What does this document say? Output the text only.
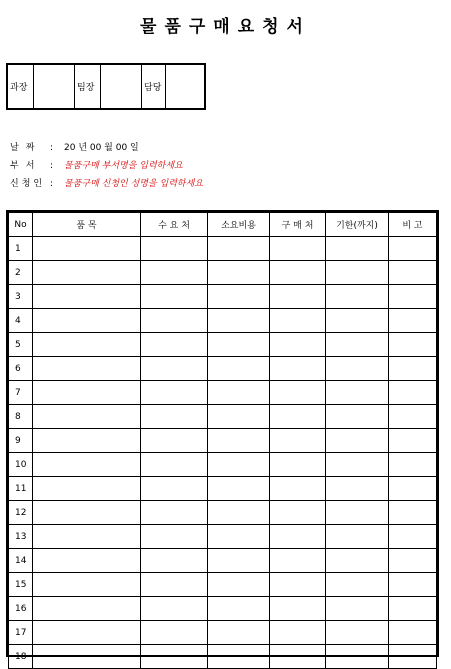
물품구매요청서
과장	팀장	담당
날짜 : 20 년 00 월 00 일
부서 : 물품구매 부서명을 입력하세요
신청인 : 물품구매 신청인 성명을 입력하세요
No	품 목	수 요 처	소요비용	구 매 처	기한(까지)	비 고
1						
2						
3						
4						
5						
6						
7						
8						
9						
10						
11						
12						
13						
14						
15						
16						
17						
18						
